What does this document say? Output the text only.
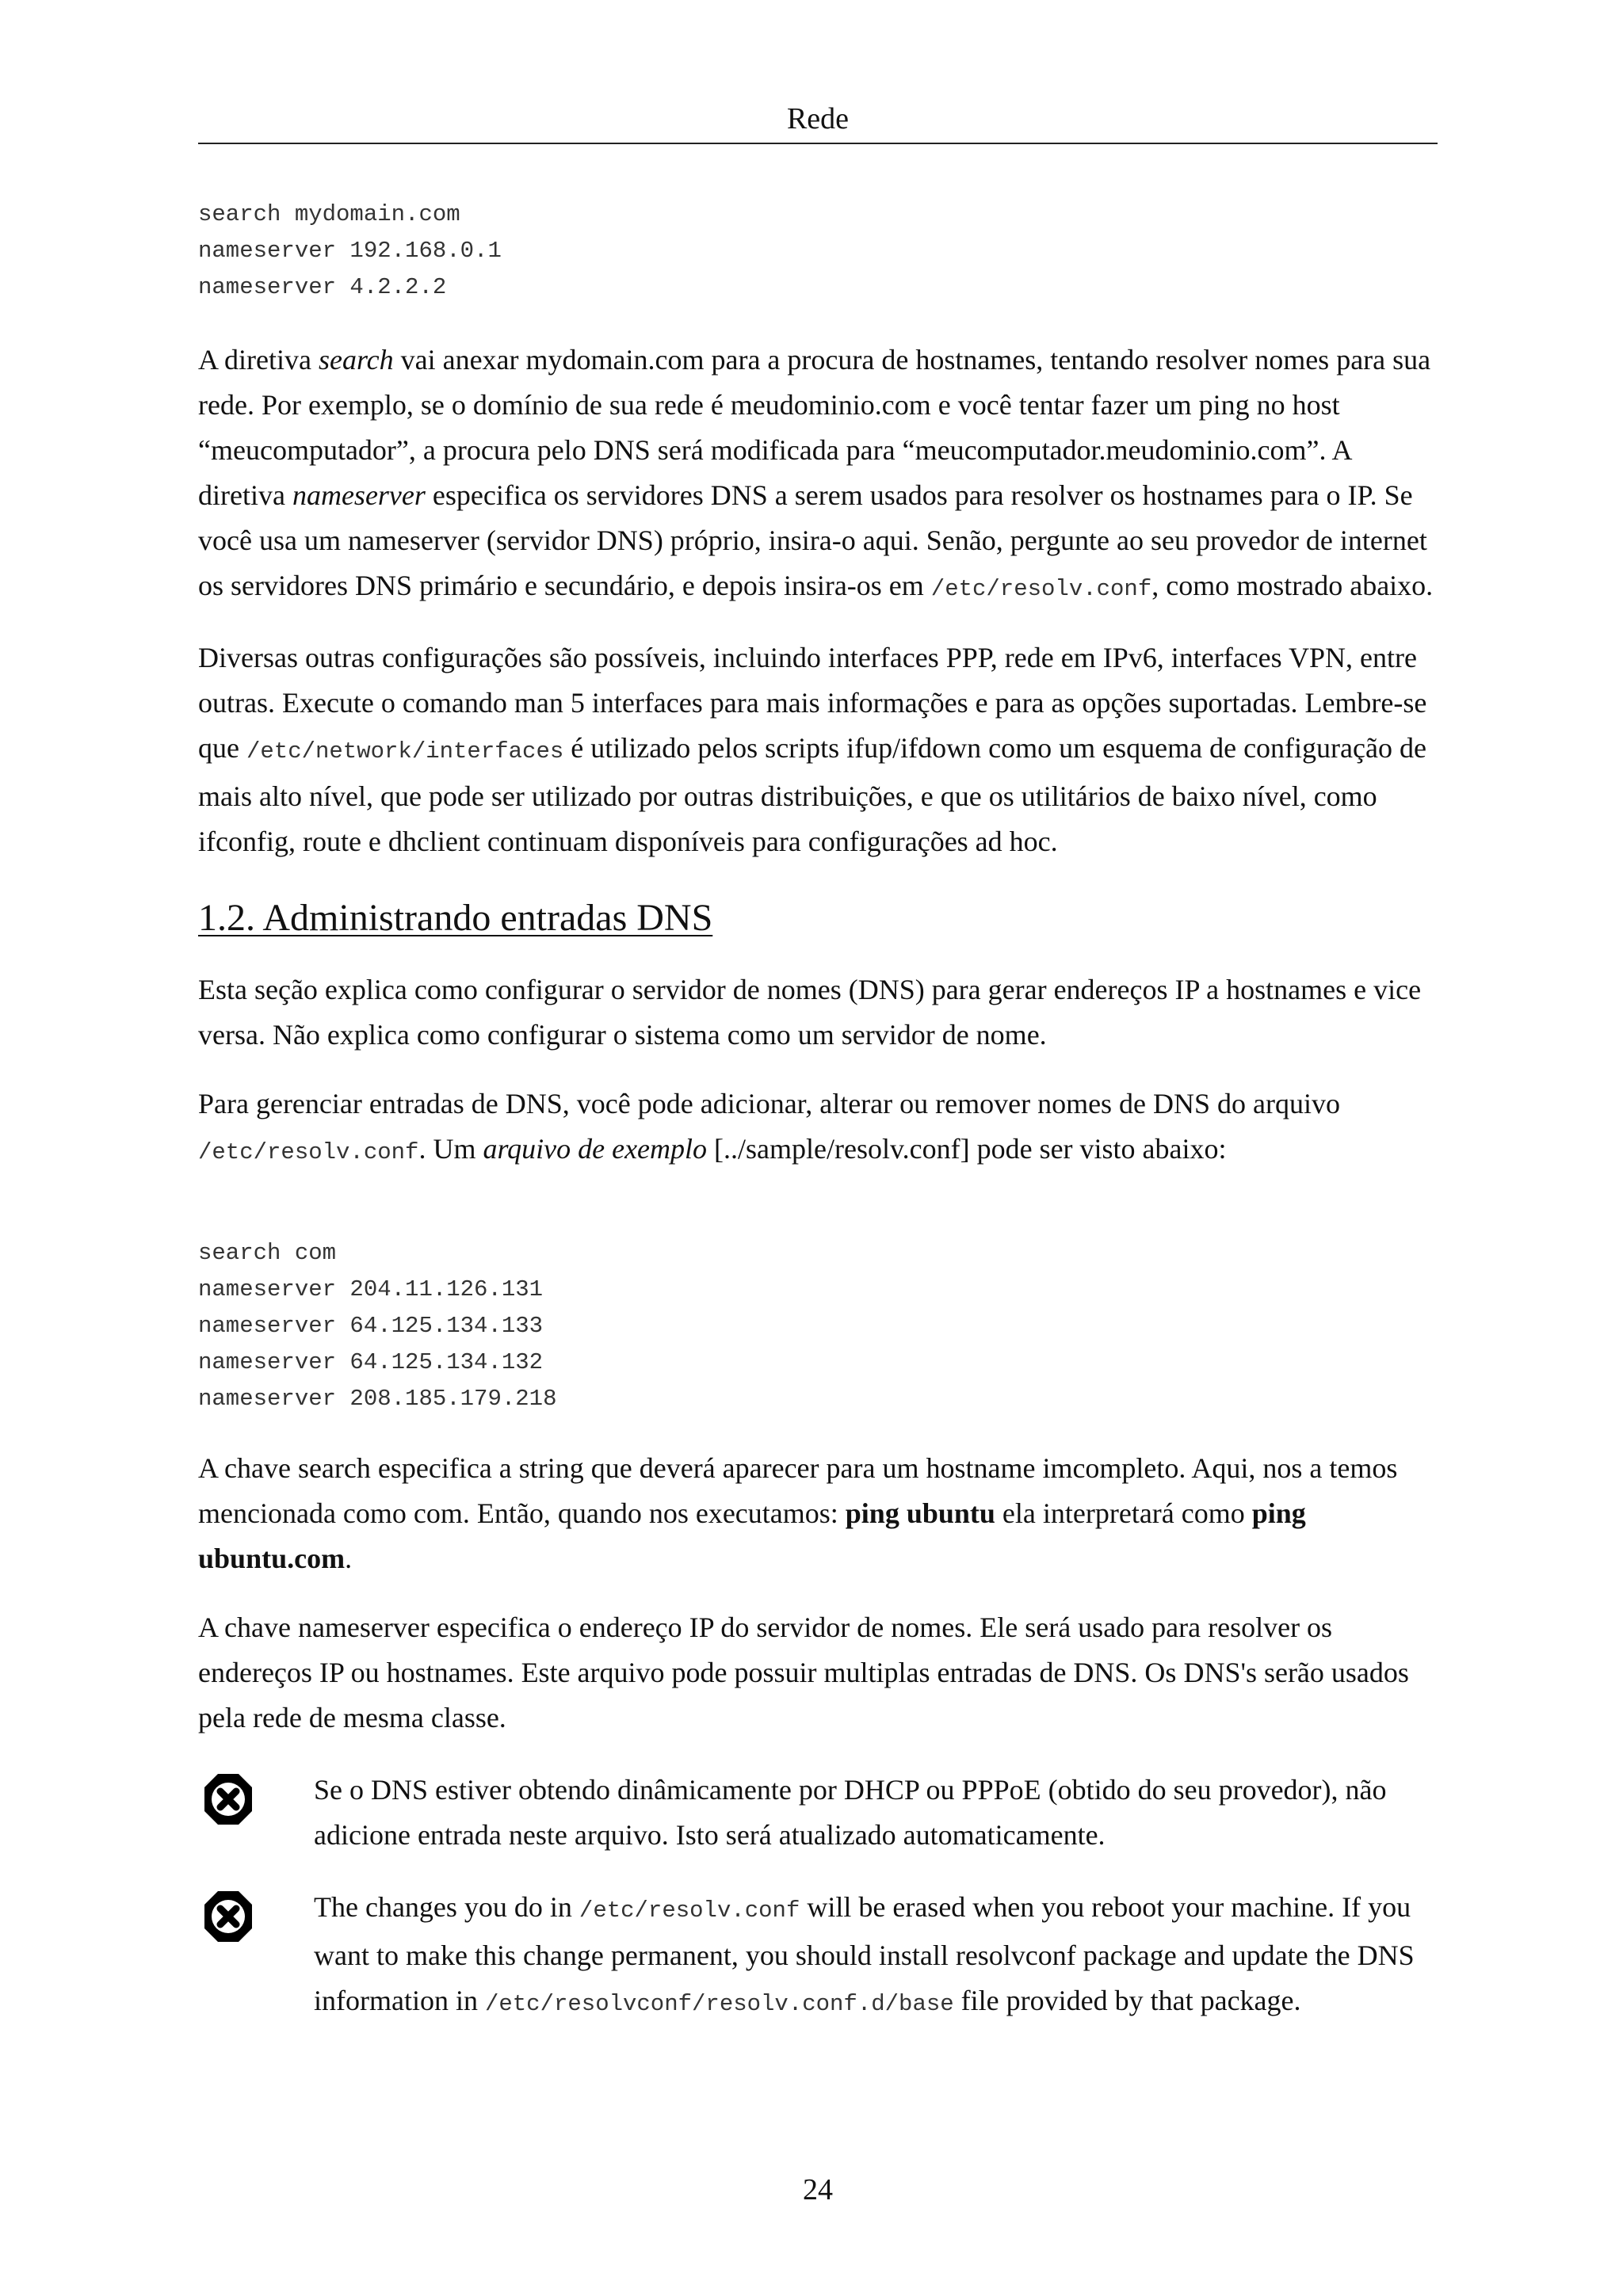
Rede
search mydomain.com
nameserver 192.168.0.1
nameserver 4.2.2.2

A diretiva search vai anexar mydomain.com para a procura de hostnames, tentando resolver nomes para sua rede. Por exemplo, se o domínio de sua rede é meudominio.com e você tentar fazer um ping no host “meucomputador”, a procura pelo DNS será modificada para “meucomputador.meudominio.com”. A diretiva nameserver especifica os servidores DNS a serem usados para resolver os hostnames para o IP. Se você usa um nameserver (servidor DNS) próprio, insira-o aqui. Senão, pergunte ao seu provedor de internet os servidores DNS primário e secundário, e depois insira-os em /etc/resolv.conf, como mostrado abaixo.

Diversas outras configurações são possíveis, incluindo interfaces PPP, rede em IPv6, interfaces VPN, entre outras. Execute o comando man 5 interfaces para mais informações e para as opções suportadas. Lembre-se que /etc/network/interfaces é utilizado pelos scripts ifup/ifdown como um esquema de configuração de mais alto nível, que pode ser utilizado por outras distribuições, e que os utilitários de baixo nível, como ifconfig, route e dhclient continuam disponíveis para configurações ad hoc.

1.2. Administrando entradas DNS

Esta seção explica como configurar o servidor de nomes (DNS) para gerar endereços IP a hostnames e vice versa. Não explica como configurar o sistema como um servidor de nome.

Para gerenciar entradas de DNS, você pode adicionar, alterar ou remover nomes de DNS do arquivo /etc/resolv.conf. Um arquivo de exemplo [../sample/resolv.conf] pode ser visto abaixo:

search com
nameserver 204.11.126.131
nameserver 64.125.134.133
nameserver 64.125.134.132
nameserver 208.185.179.218

A chave search especifica a string que deverá aparecer para um hostname imcompleto. Aqui, nos a temos mencionada como com. Então, quando nos executamos: ping ubuntu ela interpretará como ping ubuntu.com.

A chave nameserver especifica o endereço IP do servidor de nomes. Ele será usado para resolver os endereços IP ou hostnames. Este arquivo pode possuir multiplas entradas de DNS. Os DNS's serão usados pela rede de mesma classe.

Se o DNS estiver obtendo dinâmicamente por DHCP ou PPPoE (obtido do seu provedor), não adicione entrada neste arquivo. Isto será atualizado automaticamente.

The changes you do in /etc/resolv.conf will be erased when you reboot your machine. If you want to make this change permanent, you should install resolvconf package and update the DNS information in /etc/resolvconf/resolv.conf.d/base file provided by that package.

24
